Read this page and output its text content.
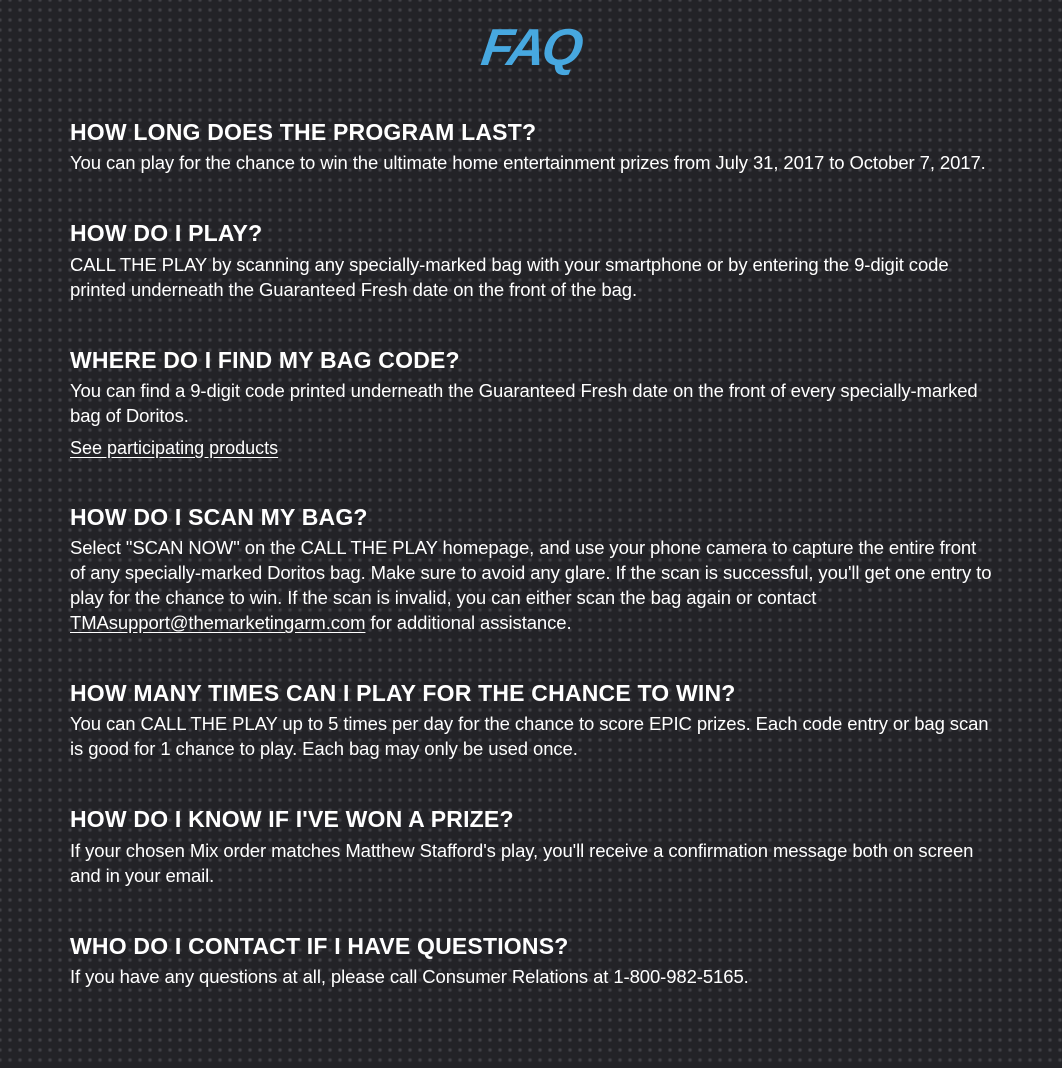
FAQ
HOW LONG DOES THE PROGRAM LAST?

You can play for the chance to win the ultimate home entertainment prizes from July 31, 2017 to October 7, 2017.

HOW DO I PLAY?

CALL THE PLAY by scanning any specially-marked bag with your smartphone or by entering the 9-digit code printed underneath the Guaranteed Fresh date on the front of the bag.

WHERE DO I FIND MY BAG CODE?

You can find a 9-digit code printed underneath the Guaranteed Fresh date on the front of every specially-marked bag of Doritos.

See participating products
HOW DO I SCAN MY BAG?

Select "SCAN NOW" on the CALL THE PLAY homepage, and use your phone camera to capture the entire front of any specially-marked Doritos bag. Make sure to avoid any glare. If the scan is successful, you'll get one entry to play for the chance to win. If the scan is invalid, you can either scan the bag again or contact TMAsupport@themarketingarm.com for additional assistance.

HOW MANY TIMES CAN I PLAY FOR THE CHANCE TO WIN?

You can CALL THE PLAY up to 5 times per day for the chance to score EPIC prizes. Each code entry or bag scan is good for 1 chance to play. Each bag may only be used once.

HOW DO I KNOW IF I'VE WON A PRIZE?

If your chosen Mix order matches Matthew Stafford's play, you'll receive a confirmation message both on screen and in your email.

WHO DO I CONTACT IF I HAVE QUESTIONS?

If you have any questions at all, please call Consumer Relations at 1-800-982-5165.
